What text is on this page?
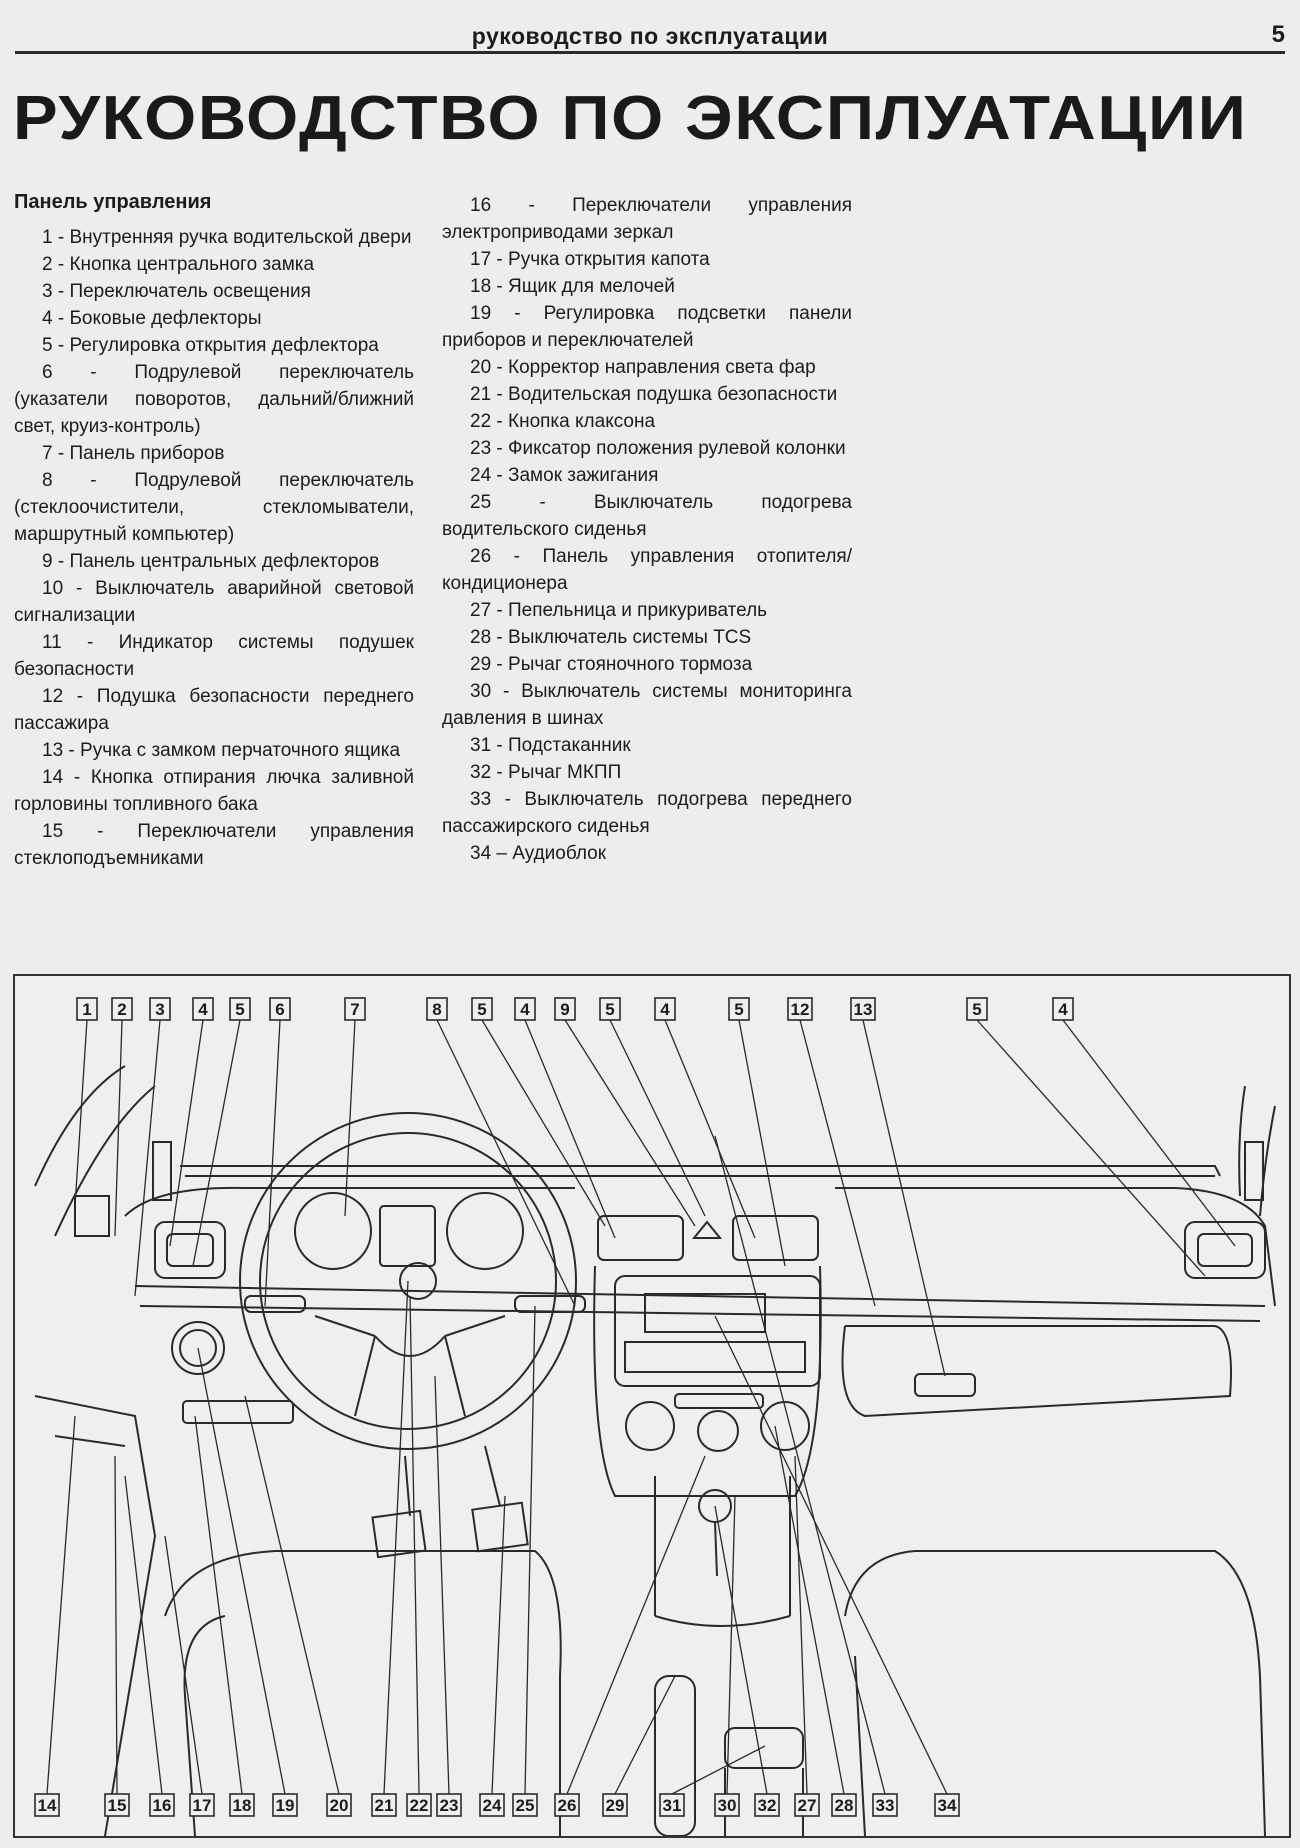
руководство по эксплуатации	5
РУКОВОДСТВО ПО ЭКСПЛУАТАЦИИ
Панель управления
1 - Внутренняя ручка водительской двери
2 - Кнопка центрального замка
3 - Переключатель освещения
4 - Боковые дефлекторы
5 - Регулировка открытия дефлектора
6 - Подрулевой переключатель (указатели поворотов, дальний/ближний свет, круиз-контроль)
7 - Панель приборов
8 - Подрулевой переключатель (стеклоочистители, стекломыватели, маршрутный компьютер)
9 - Панель центральных дефлекторов
10 - Выключатель аварийной световой сигнализации
11 - Индикатор системы подушек безопасности
12 - Подушка безопасности переднего пассажира
13 - Ручка с замком перчаточного ящика
14 - Кнопка отпирания лючка заливной горловины топливного бака
15 - Переключатели управления стеклоподъемниками
16 - Переключатели управления электроприводами зеркал
17 - Ручка открытия капота
18 - Ящик для мелочей
19 - Регулировка подсветки панели приборов и переключателей
20 - Корректор направления света фар
21 - Водительская подушка безопасности
22 - Кнопка клаксона
23 - Фиксатор положения рулевой колонки
24 - Замок зажигания
25 - Выключатель подогрева водительского сиденья
26 - Панель управления отопителя/кондиционера
27 - Пепельница и прикуриватель
28 - Выключатель системы TCS
29 - Рычаг стояночного тормоза
30 - Выключатель системы мониторинга давления в шинах
31 - Подстаканник
32 - Рычаг МКПП
33 - Выключатель подогрева переднего пассажирского сиденья
34 – Аудиоблок
1 2 3 4 5 6	7	8 5 4 9 5	4	5	12	13	5	4
14	15 16 17 18 19 20 21 22 23 24 25 26 29 31 30 32 27 28 33	34
